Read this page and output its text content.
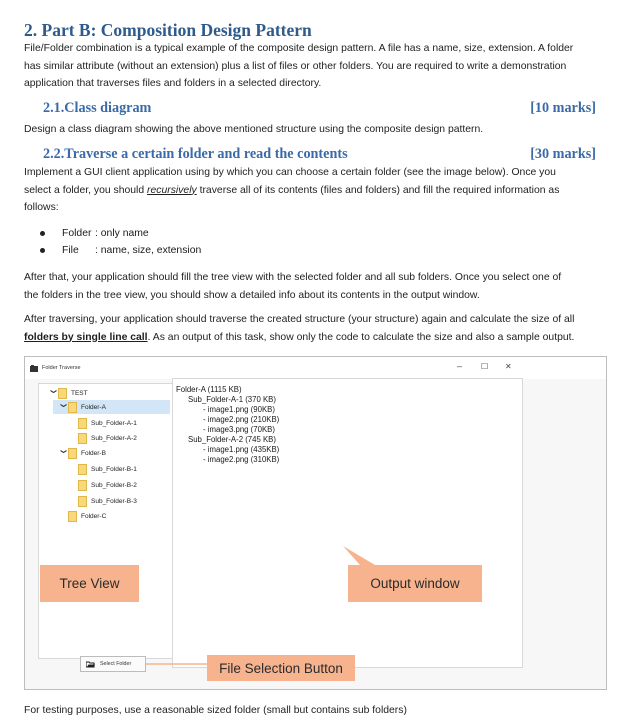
2. Part B: Composition Design Pattern
File/Folder combination is a typical example of the composite design pattern. A file has a name, size, extension. A folder
has similar attribute (without an extension) plus a list of files or other folders. You are required to write a demonstration
application that traverses files and folders in a selected directory.
2.1.Class diagram	[10 marks]
Design a class diagram showing the above mentioned structure using the composite design pattern.
2.2.Traverse a certain folder and read the contents	[30 marks]
Implement a GUI client application using by which you can choose a certain folder (see the image below). Once you
select a folder, you should recursively traverse all of its contents (files and folders) and fill the required information as
follows:
Folder : only name
File	: name, size, extension
After that, your application should fill the tree view with the selected folder and all sub folders. Once you select one of
the folders in the tree view, you should show a detailed info about its contents in the output window.
After traversing, your application should traverse the created structure (your structure) again and calculate the size of all
folders by single line call. As an output of this task, show only the code to calculate the size and also a sample output.
Folder Traverse	– ☐ ✕
❯ TEST
❯ Folder-A
Sub_Folder-A-1
Sub_Folder-A-2
❯ Folder-B
Sub_Folder-B-1
Sub_Folder-B-2
Sub_Folder-B-3
Folder-C
Folder-A (1115 KB)
Sub_Folder-A-1 (370 KB)
- image1.png (90KB)
- image2.png (210KB)
- image3.png (70KB)
Sub_Folder-A-2 (745 KB)
- image1.png (435KB)
- image2.png (310KB)
Tree View	Output window
File Selection Button
Select Folder
For testing purposes, use a reasonable sized folder (small but contains sub folders)
